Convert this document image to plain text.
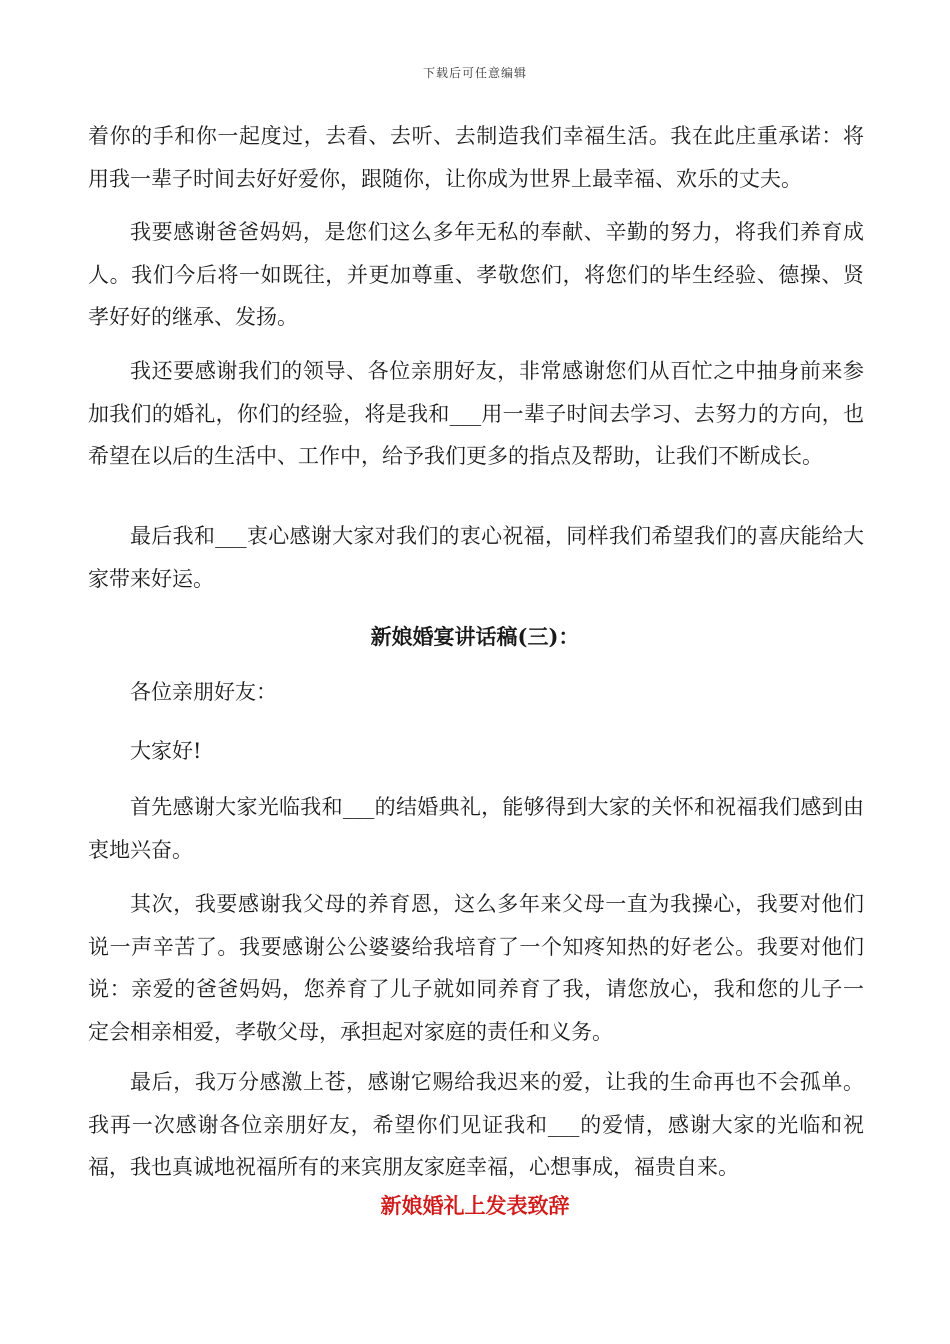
下载后可任意编辑

着你的手和你一起度过，去看、去听、去制造我们幸福生活。我在此庄重承诺：将用我一辈子时间去好好爱你，跟随你，让你成为世界上最幸福、欢乐的丈夫。

我要感谢爸爸妈妈，是您们这么多年无私的奉献、辛勤的努力，将我们养育成人。我们今后将一如既往，并更加尊重、孝敬您们，将您们的毕生经验、德操、贤孝好好的继承、发扬。

我还要感谢我们的领导、各位亲朋好友，非常感谢您们从百忙之中抽身前来参加我们的婚礼，你们的经验，将是我和___用一辈子时间去学习、去努力的方向，也希望在以后的生活中、工作中，给予我们更多的指点及帮助，让我们不断成长。

最后我和___衷心感谢大家对我们的衷心祝福，同样我们希望我们的喜庆能给大家带来好运。

新娘婚宴讲话稿(三)：

各位亲朋好友：

大家好!

首先感谢大家光临我和___的结婚典礼，能够得到大家的关怀和祝福我们感到由衷地兴奋。

其次，我要感谢我父母的养育恩，这么多年来父母一直为我操心，我要对他们说一声辛苦了。我要感谢公公婆婆给我培育了一个知疼知热的好老公。我要对他们说：亲爱的爸爸妈妈，您养育了儿子就如同养育了我，请您放心，我和您的儿子一定会相亲相爱，孝敬父母，承担起对家庭的责任和义务。

最后，我万分感激上苍，感谢它赐给我迟来的爱，让我的生命再也不会孤单。我再一次感谢各位亲朋好友，希望你们见证我和___的爱情，感谢大家的光临和祝福，我也真诚地祝福所有的来宾朋友家庭幸福，心想事成，福贵自来。

新娘婚礼上发表致辞
